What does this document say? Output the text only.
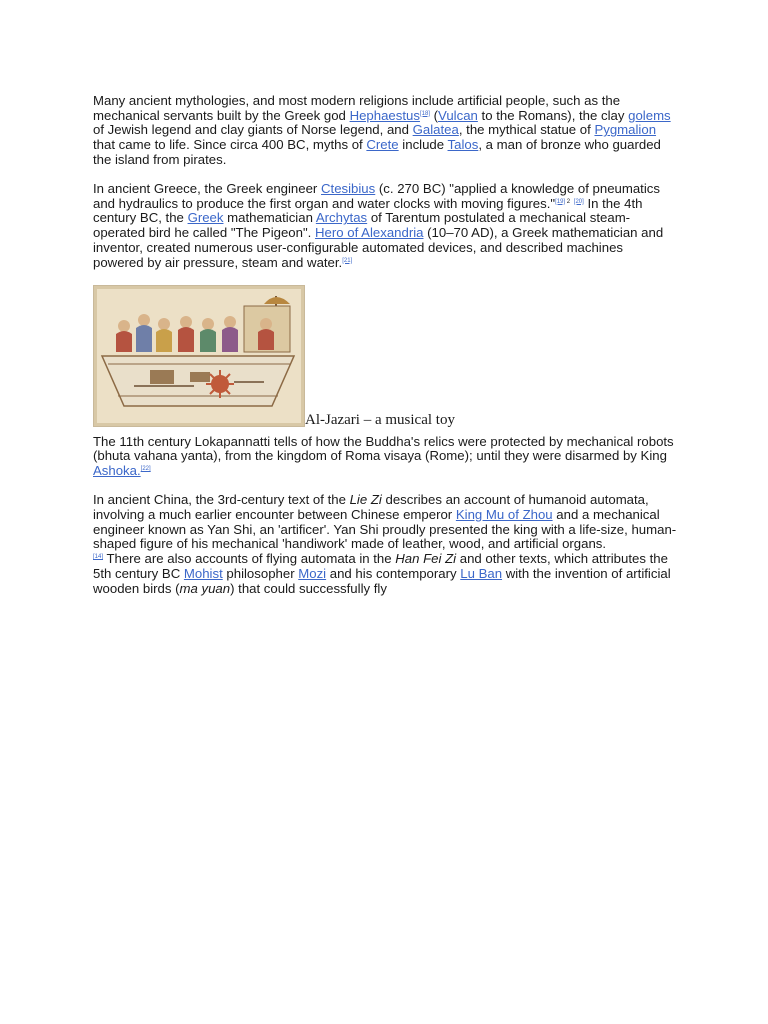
Many ancient mythologies, and most modern religions include artificial people, such as the mechanical servants built by the Greek god Hephaestus[18] (Vulcan to the Romans), the clay golems of Jewish legend and clay giants of Norse legend, and Galatea, the mythical statue of Pygmalion that came to life. Since circa 400 BC, myths of Crete include Talos, a man of bronze who guarded the island from pirates.

In ancient Greece, the Greek engineer Ctesibius (c. 270 BC) "applied a knowledge of pneumatics and hydraulics to produce the first organ and water clocks with moving figures."[19] $^2$ [20] In the 4th century BC, the Greek mathematician Archytas of Tarentum postulated a mechanical steam-operated bird he called "The Pigeon". Hero of Alexandria (10–70 AD), a Greek mathematician and inventor, created numerous user-configurable automated devices, and described machines powered by air pressure, steam and water.[21]

Al-Jazari – a musical toy

The 11th century Lokapannatti tells of how the Buddha's relics were protected by mechanical robots (bhuta vahana yanta), from the kingdom of Roma visaya (Rome); until they were disarmed by King Ashoka.[22]

In ancient China, the 3rd-century text of the Lie Zi describes an account of humanoid automata, involving a much earlier encounter between Chinese emperor King Mu of Zhou and a mechanical engineer known as Yan Shi, an 'artificer'. Yan Shi proudly presented the king with a life-size, human-shaped figure of his mechanical 'handiwork' made of leather, wood, and artificial organs.
[14] There are also accounts of flying automata in the Han Fei Zi and other texts, which attributes the 5th century BC Mohist philosopher Mozi and his contemporary Lu Ban with the invention of artificial wooden birds (ma yuan) that could successfully fly
